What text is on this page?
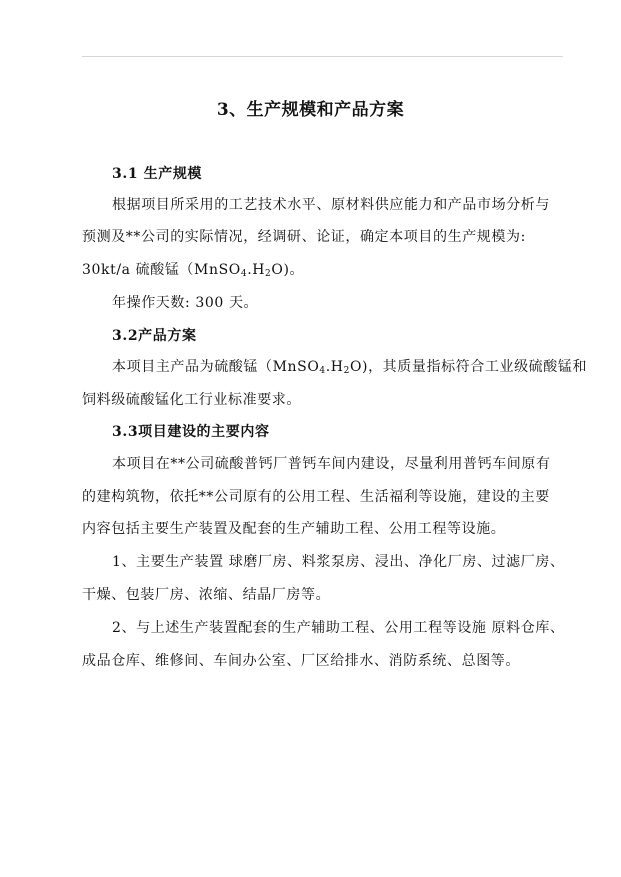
3、生产规模和产品方案
3.1 生产规模
根据项目所采用的工艺技术水平、原材料供应能力和产品市场分析与
预测及**公司的实际情况，经调研、论证，确定本项目的生产规模为:
30kt/a 硫酸锰$(MnSO_4.H_2O)$。
年操作天数: 300 天。
3.2产品方案
本项目主产品为硫酸锰$(MnSO_4.H_2O)$，其质量指标符合工业级硫酸锰和
饲料级硫酸锰化工行业标准要求。
3.3项目建设的主要内容
本项目在**公司硫酸普钙厂普钙车间内建设，尽量利用普钙车间原有
的建构筑物，依托**公司原有的公用工程、生活福利等设施，建设的主要
内容包括主要生产装置及配套的生产辅助工程、公用工程等设施。
1、主要生产装置 球磨厂房、料浆泵房、浸出、净化厂房、过滤厂房、
干燥、包装厂房、浓缩、结晶厂房等。
2、与上述生产装置配套的生产辅助工程、公用工程等设施 原料仓库、
成品仓库、维修间、车间办公室、厂区给排水、消防系统、总图等。
